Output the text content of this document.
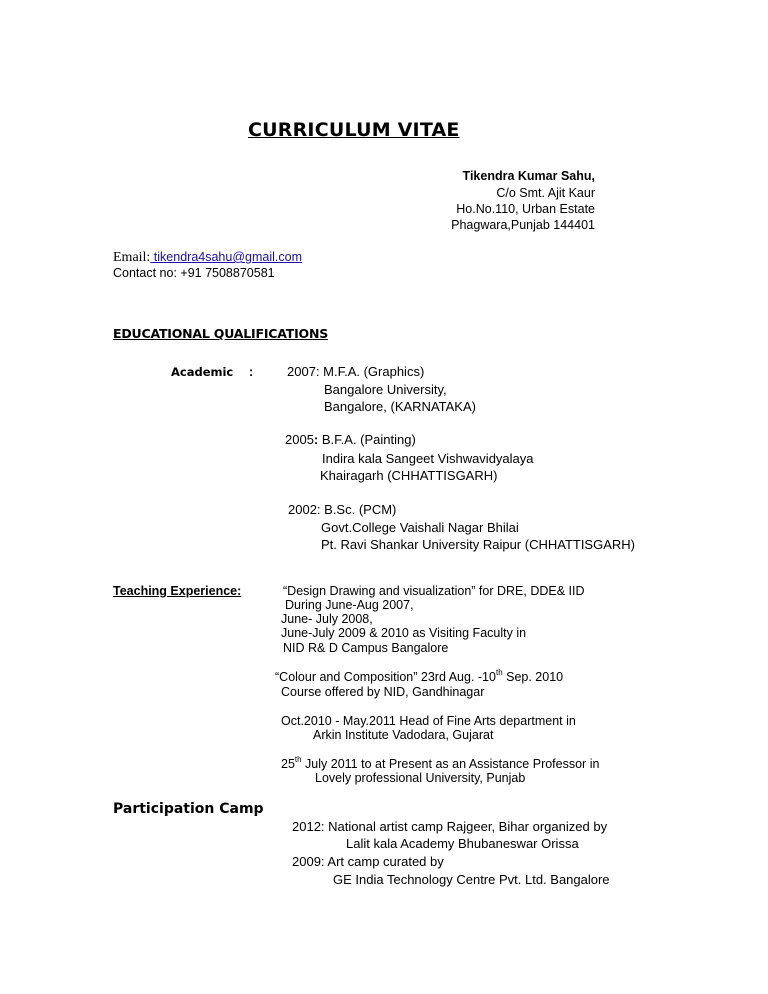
CURRICULUM VITAE
Tikendra Kumar Sahu,
C/o Smt. Ajit Kaur
Ho.No.110, Urban Estate
Phagwara,Punjab 144401
Email: tikendra4sahu@gmail.com
Contact no: +91 7508870581
EDUCATIONAL QUALIFICATIONS
Academic :	2007: M.F.A. (Graphics)
Bangalore University,
Bangalore, (KARNATAKA)
2005: B.F.A. (Painting)
Indira kala Sangeet Vishwavidyalaya
Khairagarh (CHHATTISGARH)
2002: B.Sc. (PCM)
Govt.College Vaishali Nagar Bhilai
Pt. Ravi Shankar University Raipur (CHHATTISGARH)
Teaching Experience:	“Design Drawing and visualization” for DRE, DDE& IID
During June-Aug 2007,
June- July 2008,
June-July 2009 & 2010 as Visiting Faculty in
NID R& D Campus Bangalore
“Colour and Composition” 23rd Aug. -10th Sep. 2010
Course offered by NID, Gandhinagar
Oct.2010 - May.2011 Head of Fine Arts department in
Arkin Institute Vadodara, Gujarat
25th July 2011 to at Present as an Assistance Professor in
Lovely professional University, Punjab
Participation Camp
2012: National artist camp Rajgeer, Bihar organized by
Lalit kala Academy Bhubaneswar Orissa
2009: Art camp curated by
GE India Technology Centre Pvt. Ltd. Bangalore
